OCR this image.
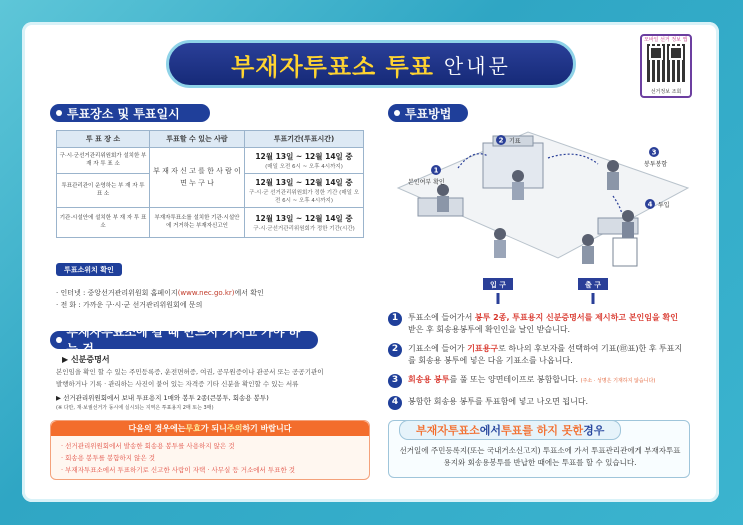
부재자투표소 투표 안내문
모바일 선거 정보 앱
선거정보 조회
투표장소 및 투표일시
투 표 장 소	투표할 수 있는 사람	투표기간(투표시간)
구·시·군선거관리위원회가 설치한 부 재 자 투 표 소	부 재 자 신 고 를 한 사 람 이 면 누 구 나	12월 13일 ~ 12월 14일 중
(매일 오전 6시 ~ 오후 4시까지)

투표관리관이 운영하는 부 재 자 투 표 소		12월 13일 ~ 12월 14일 중
구·시·군 선거관리위원회가 정한 기간 (매일 오전 6시 ~ 오후 4시까지)

기관·시설안에 설치한 부 재 자 투 표 소	부재자투표소를 설치한 기관·시설안에 거거하는 부재자신고인	12월 13일 ~ 12월 14일 중
구·시·군선거관리위원회가 정한 기간(시간)
투표소위치 확인
· 인터넷 : 중앙선거관리위원회 홈페이지(www.nec.go.kr)에서 확인
· 전 화 : 가까운 구·시·군 선거관리위원회에 문의
부재자투표소에 갈 때 반드시 가지고 가야 하는 것
▶ 신분증명서
본인임을 확인 할 수 있는 주민등록증, 운전면허증, 여권, 공무원증이나 관공서 또는 공공기관이
발행하거나 기록 · 관리하는 사진이 붙어 있는 자격증 기타 신분을 확인할 수 있는 서류
▶ 선거관리위원회에서 보내 투표용지 1매와 봉투 2종(큰봉투, 회송용 봉투)
(※ 다만, 재·보궐선거가 동시에 실시되는 지역은 투표용지 2매 또는 3매)
다음의 경우에는 무효 가 되니 주의 하기 바랍니다
· 선거관리위원회에서 발송한 회송용 봉투를 사용하지 않은 것
· 회송용 봉투를 봉함하지 않은 것
· 부재자투표소에서 투표하기로 신고한 사람이 자택 · 사무실 등 거소에서 투표한 것
투표방법
1
본인여부 확인
2 기표
3
봉투봉함
4 투입
입 구	출 구
1	투표소에 들어가서 봉투 2종, 투표용지 신분증명서를 제시하고 본인임을 확인 받은 후 회송용봉투에 확인인을 날인 받습니다.
2	기표소에 들어가 기표용구로 하나의 후보자를 선택하여 기표(㊞표)한 후 투표지를 회송용 봉투에 넣은 다음 기표소를 나옵니다.
3	회송용 봉투를 풀 또는 양면테이프로 봉함합니다. (주소 · 성명은 기재하지 않습니다)
4	봉함한 회송용 봉투를 투표함에 넣고 나오면 됩니다.
부재자투표소 에서 투표를 하지 못한 경우
선거일에 주민등록지(또는 국내거소신고지) 투표소에 가서 투표관리관에게 부재자투표용지와 회송용봉투를 반납한 때에는 투표를 할 수 있습니다.
